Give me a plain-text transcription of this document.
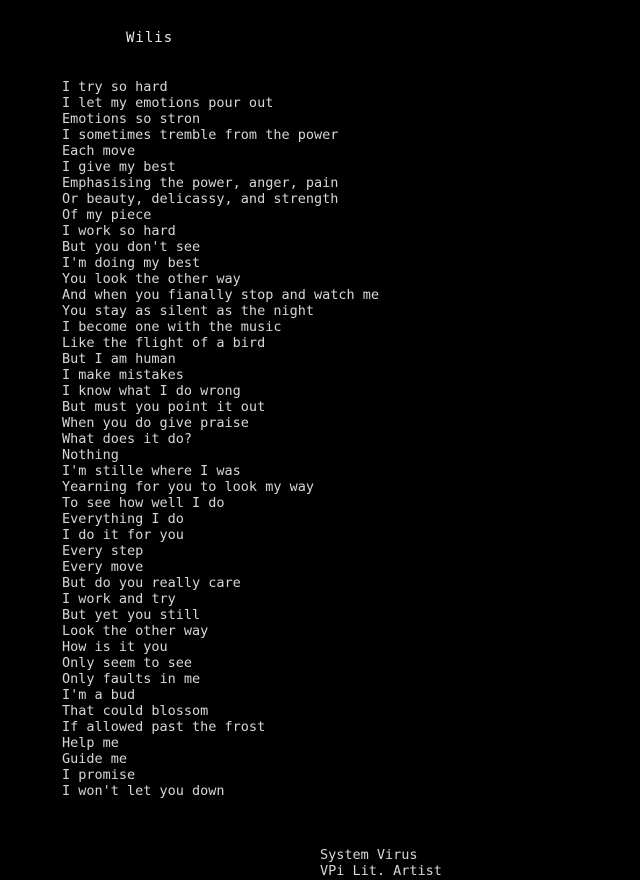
Wilis
I try so hard
I let my emotions pour out
Emotions so stron
I sometimes tremble from the power
Each move
I give my best
Emphasising the power, anger, pain
Or beauty, delicassy, and strength
Of my piece
I work so hard
But you don't see
I'm doing my best
You look the other way
And when you fianally stop and watch me
You stay as silent as the night
I become one with the music
Like the flight of a bird
But I am human
I make mistakes
I know what I do wrong
But must you point it out
When you do give praise
What does it do?
Nothing
I'm stille where I was
Yearning for you to look my way
To see how well I do
Everything I do
I do it for you
Every step
Every move
But do you really care
I work and try
But yet you still
Look the other way
How is it you
Only seem to see
Only faults in me
I'm a bud
That could blossom
If allowed past the frost
Help me
Guide me
I promise
I won't let you down
System Virus
VPi Lit. Artist
